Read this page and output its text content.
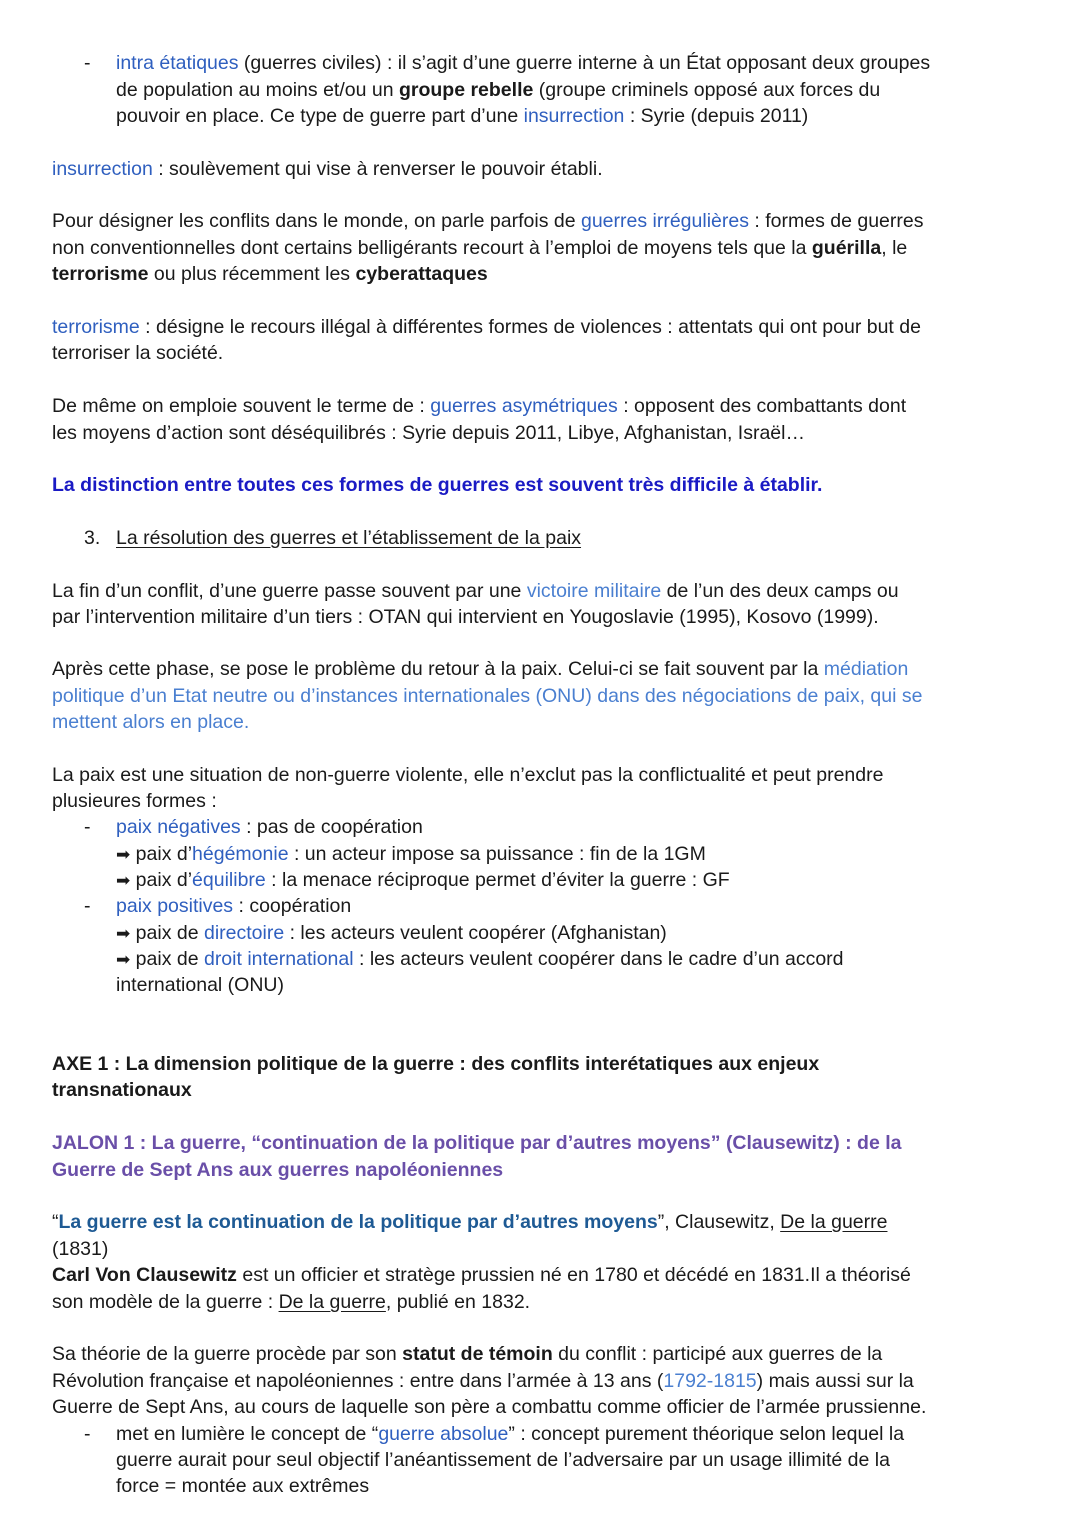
- intra étatiques (guerres civiles) : il s’agit d’une guerre interne à un État opposant deux groupes
de population au moins et/ou un groupe rebelle (groupe criminels opposé aux forces du
pouvoir en place. Ce type de guerre part d’une insurrection : Syrie (depuis 2011)
insurrection : soulèvement qui vise à renverser le pouvoir établi.
Pour désigner les conflits dans le monde, on parle parfois de guerres irrégulières : formes de guerres
non conventionnelles dont certains belligérants recourt à l’emploi de moyens tels que la guérilla, le
terrorisme ou plus récemment les cyberattaques
terrorisme : désigne le recours illégal à différentes formes de violences : attentats qui ont pour but de
terroriser la société.
De même on emploie souvent le terme de : guerres asymétriques : opposent des combattants dont
les moyens d’action sont déséquilibrés : Syrie depuis 2011, Libye, Afghanistan, Israël…
La distinction entre toutes ces formes de guerres est souvent très difficile à établir.
3. La résolution des guerres et l’établissement de la paix
La fin d’un conflit, d’une guerre passe souvent par une victoire militaire de l’un des deux camps ou
par l’intervention militaire d’un tiers : OTAN qui intervient en Yougoslavie (1995), Kosovo (1999).
Après cette phase, se pose le problème du retour à la paix. Celui-ci se fait souvent par la médiation
politique d’un Etat neutre ou d’instances internationales (ONU) dans des négociations de paix, qui se
mettent alors en place.
La paix est une situation de non-guerre violente, elle n’exclut pas la conflictualité et peut prendre
plusieures formes :
- paix négatives : pas de coopération
➡ paix d’hégémonie : un acteur impose sa puissance : fin de la 1GM
➡ paix d’équilibre : la menace réciproque permet d’éviter la guerre : GF
- paix positives : coopération
➡ paix de directoire : les acteurs veulent coopérer (Afghanistan)
➡ paix de droit international : les acteurs veulent coopérer dans le cadre d’un accord
international (ONU)
AXE 1 : La dimension politique de la guerre : des conflits interétatiques aux enjeux
transnationaux
JALON 1 : La guerre, “continuation de la politique par d’autres moyens” (Clausewitz) : de la
Guerre de Sept Ans aux guerres napoléoniennes
“La guerre est la continuation de la politique par d’autres moyens”, Clausewitz, De la guerre
(1831)
Carl Von Clausewitz est un officier et stratège prussien né en 1780 et décédé en 1831.Il a théorisé
son modèle de la guerre : De la guerre, publié en 1832.
Sa théorie de la guerre procède par son statut de témoin du conflit : participé aux guerres de la
Révolution française et napoléoniennes : entre dans l’armée à 13 ans (1792-1815) mais aussi sur la
Guerre de Sept Ans, au cours de laquelle son père a combattu comme officier de l’armée prussienne.
- met en lumière le concept de “guerre absolue” : concept purement théorique selon lequel la
guerre aurait pour seul objectif l’anéantissement de l’adversaire par un usage illimité de la
force = montée aux extrêmes
